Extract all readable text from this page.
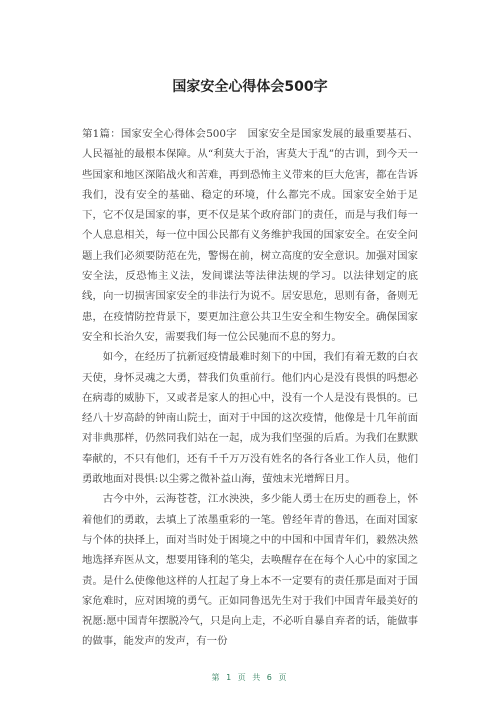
国家安全心得体会500字

第1篇：国家安全心得体会500字　国家安全是国家发展的最重要基石、人民福祉的最根本保障。从“利莫大于治，害莫大于乱”的古训，到今天一些国家和地区深陷战火和苦难，再到恐怖主义带来的巨大危害，都在告诉我们，没有安全的基础、稳定的环境，什么都完不成。国家安全始于足下，它不仅是国家的事，更不仅是某个政府部门的责任，而是与我们每一个人息息相关，每一位中国公民都有义务维护我国的国家安全。在安全问题上我们必须要防范在先，警惕在前，树立高度的安全意识。加强对国家安全法，反恐怖主义法，发间谍法等法律法规的学习。以法律划定的底线，向一切损害国家安全的非法行为说不。居安思危，思则有备，备则无患，在疫情防控背景下，要更加注意公共卫生安全和生物安全。确保国家安全和长治久安，需要我们每一位公民驰而不息的努力。

如今，在经历了抗新冠疫情最难时刻下的中国，我们有着无数的白衣天使，身怀灵魂之大勇，替我们负重前行。他们内心是没有畏惧的吗想必在病毒的威胁下，又或者是家人的担心中，没有一个人是没有畏惧的。已经八十岁高龄的钟南山院士，面对于中国的这次疫情，他像是十几年前面对非典那样，仍然同我们站在一起，成为我们坚强的后盾。为我们在默默奉献的，不只有他们，还有千千万万没有姓名的各行各业工作人员，他们勇敢地面对畏惧:以尘雾之微补益山海，萤烛末光增辉日月。

古今中外，云海苍苍，江水泱泱，多少能人勇士在历史的画卷上，怀着他们的勇敢，去填上了浓墨重彩的一笔。曾经年青的鲁迅，在面对国家与个体的抉择上，面对当时处于困境之中的中国和中国青年们，毅然决然地选择弃医从文，想要用锋利的笔尖，去唤醒存在在每个人心中的家国之责。是什么使像他这样的人扛起了身上本不一定要有的责任那是面对于国家危难时，应对困境的勇气。正如同鲁迅先生对于我们中国青年最美好的祝愿:愿中国青年摆脱冷气，只是向上走，不必听自暴自弃者的话，能做事的做事，能发声的发声，有一份

第 1 页 共 6 页
